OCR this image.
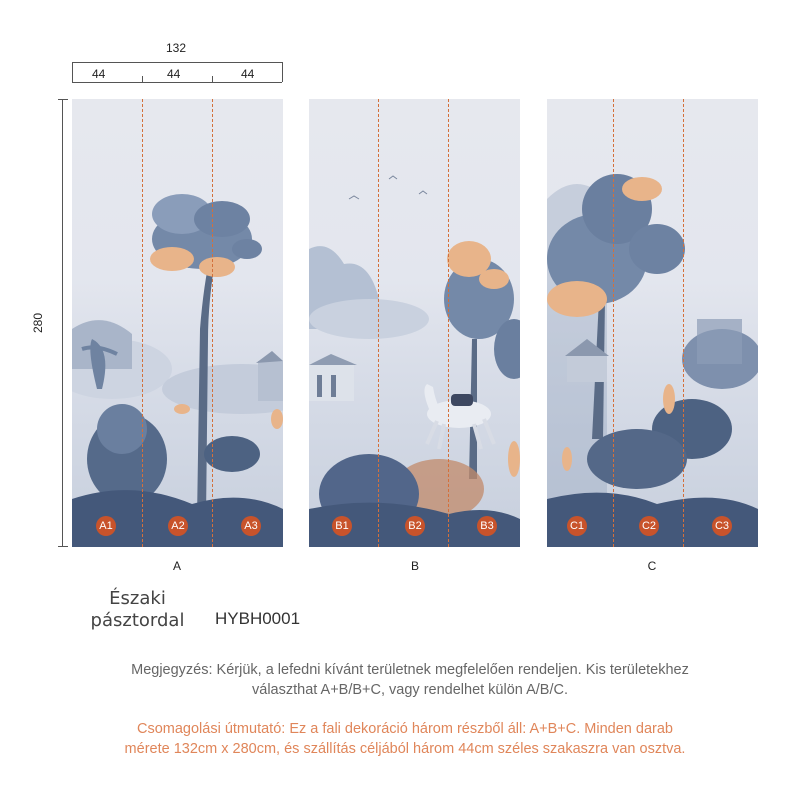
132
44	44	44
280
A1	A2	A3	B1	B2	B3	C1	C2	C3
A	B	C
Északi
pásztordal	HYBH0001
Megjegyzés: Kérjük, a lefedni kívánt területnek megfelelően rendeljen. Kis területekhez
választhat A+B/B+C, vagy rendelhet külön A/B/C.
Csomagolási útmutató: Ez a fali dekoráció három részből áll: A+B+C. Minden darab
mérete 132cm x 280cm, és szállítás céljából három 44cm széles szakaszra van osztva.
